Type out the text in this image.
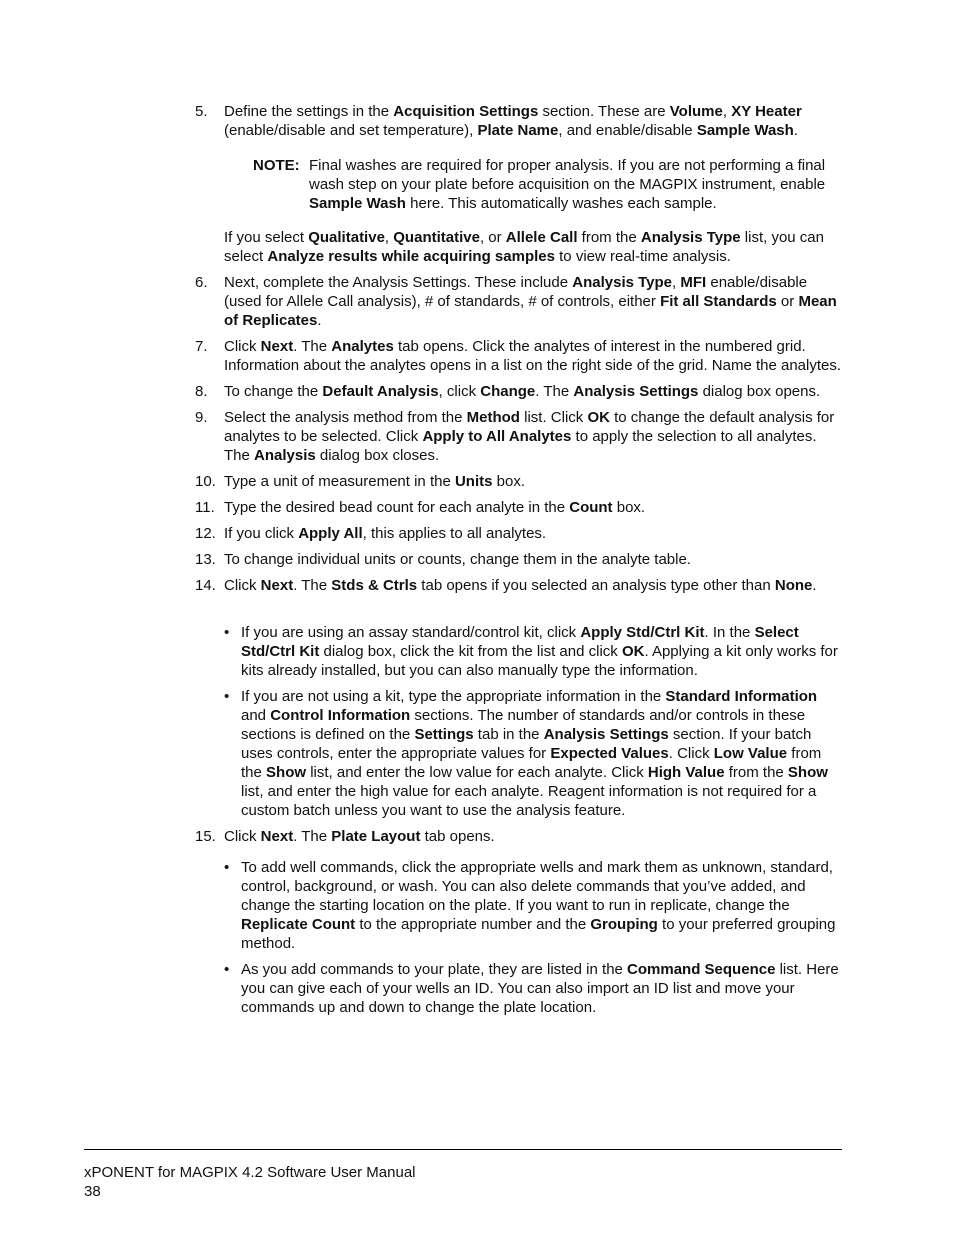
5. Define the settings in the Acquisition Settings section. These are Volume, XY Heater (enable/disable and set temperature), Plate Name, and enable/disable Sample Wash.
NOTE: Final washes are required for proper analysis. If you are not performing a final wash step on your plate before acquisition on the MAGPIX instrument, enable Sample Wash here. This automatically washes each sample.
If you select Qualitative, Quantitative, or Allele Call from the Analysis Type list, you can select Analyze results while acquiring samples to view real-time analysis.
6. Next, complete the Analysis Settings. These include Analysis Type, MFI enable/disable (used for Allele Call analysis), # of standards, # of controls, either Fit all Standards or Mean of Replicates.
7. Click Next. The Analytes tab opens. Click the analytes of interest in the numbered grid. Information about the analytes opens in a list on the right side of the grid. Name the analytes.
8. To change the Default Analysis, click Change. The Analysis Settings dialog box opens.
9. Select the analysis method from the Method list. Click OK to change the default analysis for analytes to be selected. Click Apply to All Analytes to apply the selection to all analytes. The Analysis dialog box closes.
10. Type a unit of measurement in the Units box.
11. Type the desired bead count for each analyte in the Count box.
12. If you click Apply All, this applies to all analytes.
13. To change individual units or counts, change them in the analyte table.
14. Click Next. The Stds & Ctrls tab opens if you selected an analysis type other than None.
• If you are using an assay standard/control kit, click Apply Std/Ctrl Kit. In the Select Std/Ctrl Kit dialog box, click the kit from the list and click OK. Applying a kit only works for kits already installed, but you can also manually type the information.
• If you are not using a kit, type the appropriate information in the Standard Information and Control Information sections. The number of standards and/or controls in these sections is defined on the Settings tab in the Analysis Settings section. If your batch uses controls, enter the appropriate values for Expected Values. Click Low Value from the Show list, and enter the low value for each analyte. Click High Value from the Show list, and enter the high value for each analyte. Reagent information is not required for a custom batch unless you want to use the analysis feature.
15. Click Next. The Plate Layout tab opens.
• To add well commands, click the appropriate wells and mark them as unknown, standard, control, background, or wash. You can also delete commands that you’ve added, and change the starting location on the plate. If you want to run in replicate, change the Replicate Count to the appropriate number and the Grouping to your preferred grouping method.
• As you add commands to your plate, they are listed in the Command Sequence list. Here you can give each of your wells an ID. You can also import an ID list and move your commands up and down to change the plate location.
xPONENT for MAGPIX 4.2 Software User Manual
38
